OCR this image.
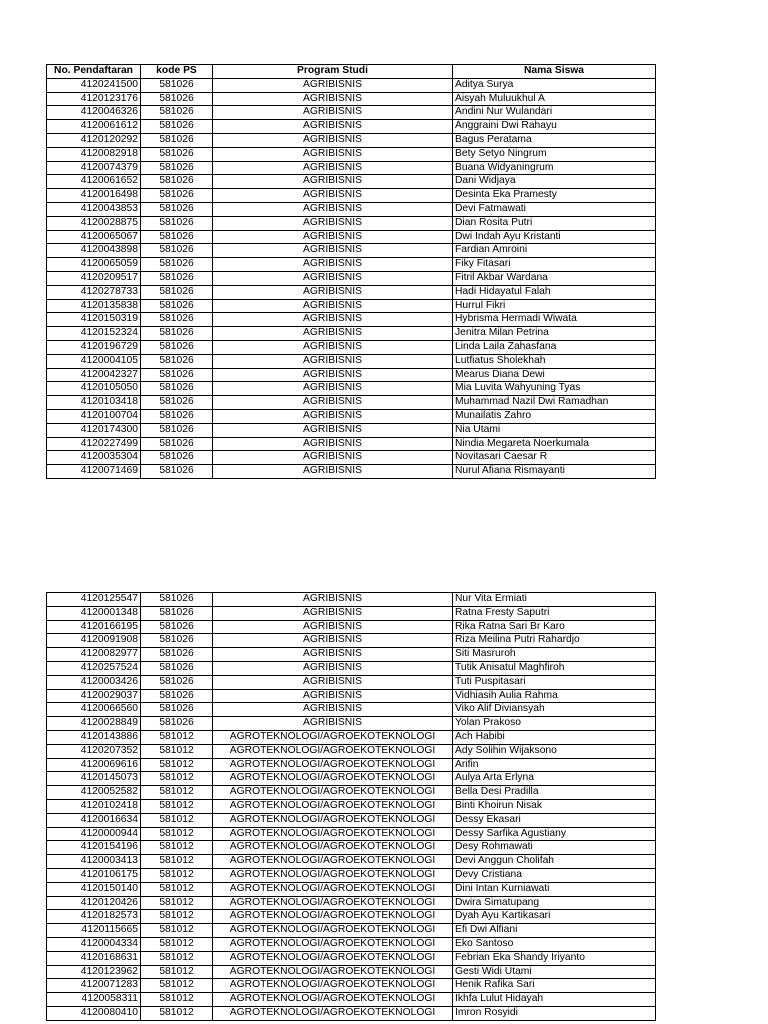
No. Pendaftaran	kode PS	Program Studi	Nama Siswa
4120241500	581026	AGRIBISNIS	Aditya Surya
4120123176	581026	AGRIBISNIS	Aisyah Muluukhul A
4120046326	581026	AGRIBISNIS	Andini Nur Wulandari
4120061612	581026	AGRIBISNIS	Anggraini Dwi Rahayu
4120120292	581026	AGRIBISNIS	Bagus Peratama
4120082918	581026	AGRIBISNIS	Bety Setyo Ningrum
4120074379	581026	AGRIBISNIS	Buana Widyaningrum
4120061652	581026	AGRIBISNIS	Dani Widjaya
4120016498	581026	AGRIBISNIS	Desinta Eka Pramesty
4120043853	581026	AGRIBISNIS	Devi Fatmawati
4120028875	581026	AGRIBISNIS	Dian Rosita Putri
4120065067	581026	AGRIBISNIS	Dwi Indah Ayu Kristanti
4120043898	581026	AGRIBISNIS	Fardian Amroini
4120065059	581026	AGRIBISNIS	Fiky Fitasari
4120209517	581026	AGRIBISNIS	Fitril Akbar Wardana
4120278733	581026	AGRIBISNIS	Hadi Hidayatul Falah
4120135838	581026	AGRIBISNIS	Hurrul Fikri
4120150319	581026	AGRIBISNIS	Hybrisma Hermadi Wiwata
4120152324	581026	AGRIBISNIS	Jenitra Milan Petrina
4120196729	581026	AGRIBISNIS	Linda Laila Zahasfana
4120004105	581026	AGRIBISNIS	Lutfiatus Sholekhah
4120042327	581026	AGRIBISNIS	Mearus Diana Dewi
4120105050	581026	AGRIBISNIS	Mia Luvita Wahyuning Tyas
4120103418	581026	AGRIBISNIS	Muhammad Nazil Dwi Ramadhan
4120100704	581026	AGRIBISNIS	Munailatis Zahro
4120174300	581026	AGRIBISNIS	Nia Utami
4120227499	581026	AGRIBISNIS	Nindia Megareta Noerkumala
4120035304	581026	AGRIBISNIS	Novitasari Caesar R
4120071469	581026	AGRIBISNIS	Nurul Afiana Rismayanti
4120125547	581026	AGRIBISNIS	Nur Vita Ermiati
4120001348	581026	AGRIBISNIS	Ratna Fresty Saputri
4120166195	581026	AGRIBISNIS	Rika Ratna Sari Br Karo
4120091908	581026	AGRIBISNIS	Riza Meilina Putri Rahardjo
4120082977	581026	AGRIBISNIS	Siti Masruroh
4120257524	581026	AGRIBISNIS	Tutik Anisatul Maghfiroh
4120003426	581026	AGRIBISNIS	Tuti Puspitasari
4120029037	581026	AGRIBISNIS	Vidhiasih Aulia Rahma
4120066560	581026	AGRIBISNIS	Viko Alif Diviansyah
4120028849	581026	AGRIBISNIS	Yolan Prakoso
4120143886	581012	AGROTEKNOLOGI/AGROEKOTEKNOLOGI	Ach Habibi
4120207352	581012	AGROTEKNOLOGI/AGROEKOTEKNOLOGI	Ady Solihin Wijaksono
4120069616	581012	AGROTEKNOLOGI/AGROEKOTEKNOLOGI	Arifin
4120145073	581012	AGROTEKNOLOGI/AGROEKOTEKNOLOGI	Aulya Arta Erlyna
4120052582	581012	AGROTEKNOLOGI/AGROEKOTEKNOLOGI	Bella Desi Pradilla
4120102418	581012	AGROTEKNOLOGI/AGROEKOTEKNOLOGI	Binti Khoirun Nisak
4120016634	581012	AGROTEKNOLOGI/AGROEKOTEKNOLOGI	Dessy Ekasari
4120000944	581012	AGROTEKNOLOGI/AGROEKOTEKNOLOGI	Dessy Sarfika Agustiany
4120154196	581012	AGROTEKNOLOGI/AGROEKOTEKNOLOGI	Desy Rohmawati
4120003413	581012	AGROTEKNOLOGI/AGROEKOTEKNOLOGI	Devi Anggun Cholifah
4120106175	581012	AGROTEKNOLOGI/AGROEKOTEKNOLOGI	Devy Cristiana
4120150140	581012	AGROTEKNOLOGI/AGROEKOTEKNOLOGI	Dini Intan Kurniawati
4120120426	581012	AGROTEKNOLOGI/AGROEKOTEKNOLOGI	Dwira Simatupang
4120182573	581012	AGROTEKNOLOGI/AGROEKOTEKNOLOGI	Dyah Ayu Kartikasari
4120115665	581012	AGROTEKNOLOGI/AGROEKOTEKNOLOGI	Efi Dwi Alfiani
4120004334	581012	AGROTEKNOLOGI/AGROEKOTEKNOLOGI	Eko Santoso
4120168631	581012	AGROTEKNOLOGI/AGROEKOTEKNOLOGI	Febrian Eka Shandy Iriyanto
4120123962	581012	AGROTEKNOLOGI/AGROEKOTEKNOLOGI	Gesti Widi Utami
4120071283	581012	AGROTEKNOLOGI/AGROEKOTEKNOLOGI	Henik Rafika Sari
4120058311	581012	AGROTEKNOLOGI/AGROEKOTEKNOLOGI	Ikhfa Lulut Hidayah
4120080410	581012	AGROTEKNOLOGI/AGROEKOTEKNOLOGI	Imron Rosyidi
